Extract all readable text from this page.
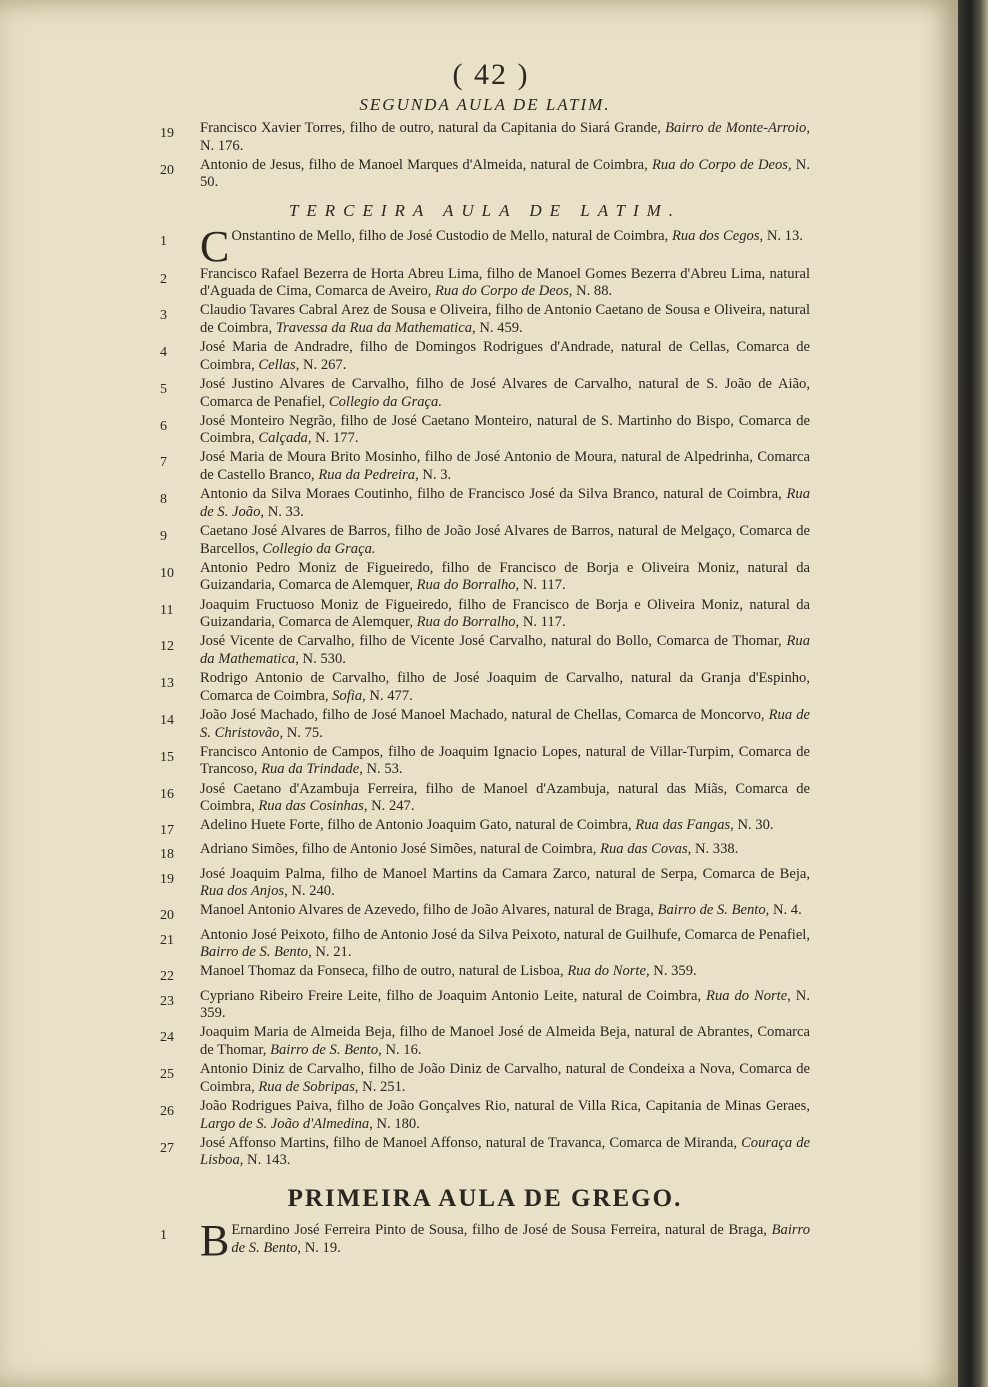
( 42 )
SEGUNDA AULA DE LATIM.
19	Francisco Xavier Torres, filho de outro, natural da Capitania do Siará Grande, Bairro de Monte-Arroio, N. 176.
20	Antonio de Jesus, filho de Manoel Marques d'Almeida, natural de Coimbra, Rua do Corpo de Deos, N. 50.
TERCEIRA AULA DE LATIM.
1 C Onstantino de Mello, filho de José Custodio de Mello, natural de Coimbra, Rua dos Cegos, N. 13.
2	Francisco Rafael Bezerra de Horta Abreu Lima, filho de Manoel Gomes Bezerra d'Abreu Lima, natural d'Aguada de Cima, Comarca de Aveiro, Rua do Corpo de Deos, N. 88.
3	Claudio Tavares Cabral Arez de Sousa e Oliveira, filho de Antonio Caetano de Sousa e Oliveira, natural de Coimbra, Travessa da Rua da Mathematica, N. 459.
4	José Maria de Andradre, filho de Domingos Rodrigues d'Andrade, natural de Cellas, Comarca de Coimbra, Cellas, N. 267.
5	José Justino Alvares de Carvalho, filho de José Alvares de Carvalho, natural de S. João de Aião, Comarca de Penafiel, Collegio da Graça.
6	José Monteiro Negrão, filho de José Caetano Monteiro, natural de S. Martinho do Bispo, Comarca de Coimbra, Calçada, N. 177.
7	José Maria de Moura Brito Mosinho, filho de José Antonio de Moura, natural de Alpedrinha, Comarca de Castello Branco, Rua da Pedreira, N. 3.
8	Antonio da Silva Moraes Coutinho, filho de Francisco José da Silva Branco, natural de Coimbra, Rua de S. João, N. 33.
9	Caetano José Alvares de Barros, filho de João José Alvares de Barros, natural de Melgaço, Comarca de Barcellos, Collegio da Graça.
10	Antonio Pedro Moniz de Figueiredo, filho de Francisco de Borja e Oliveira Moniz, natural da Guizandaria, Comarca de Alemquer, Rua do Borralho, N. 117.
11	Joaquim Fructuoso Moniz de Figueiredo, filho de Francisco de Borja e Oliveira Moniz, natural da Guizandaria, Comarca de Alemquer, Rua do Borralho, N. 117.
12	José Vicente de Carvalho, filho de Vicente José Carvalho, natural do Bollo, Comarca de Thomar, Rua da Mathematica, N. 530.
13	Rodrigo Antonio de Carvalho, filho de José Joaquim de Carvalho, natural da Granja d'Espinho, Comarca de Coimbra, Sofia, N. 477.
14	João José Machado, filho de José Manoel Machado, natural de Chellas, Comarca de Moncorvo, Rua de S. Christovão, N. 75.
15	Francisco Antonio de Campos, filho de Joaquim Ignacio Lopes, natural de Villar-Turpim, Comarca de Trancoso, Rua da Trindade, N. 53.
16	José Caetano d'Azambuja Ferreira, filho de Manoel d'Azambuja, natural das Miãs, Comarca de Coimbra, Rua das Cosinhas, N. 247.
17	Adelino Huete Forte, filho de Antonio Joaquim Gato, natural de Coimbra, Rua das Fangas, N. 30.
18	Adriano Simões, filho de Antonio José Simões, natural de Coimbra, Rua das Covas, N. 338.
19	José Joaquim Palma, filho de Manoel Martins da Camara Zarco, natural de Serpa, Comarca de Beja, Rua dos Anjos, N. 240.
20	Manoel Antonio Alvares de Azevedo, filho de João Alvares, natural de Braga, Bairro de S. Bento, N. 4.
21	Antonio José Peixoto, filho de Antonio José da Silva Peixoto, natural de Guilhufe, Comarca de Penafiel, Bairro de S. Bento, N. 21.
22	Manoel Thomaz da Fonseca, filho de outro, natural de Lisboa, Rua do Norte, N. 359.
23	Cypriano Ribeiro Freire Leite, filho de Joaquim Antonio Leite, natural de Coimbra, Rua do Norte, N. 359.
24	Joaquim Maria de Almeida Beja, filho de Manoel José de Almeida Beja, natural de Abrantes, Comarca de Thomar, Bairro de S. Bento, N. 16.
25	Antonio Diniz de Carvalho, filho de João Diniz de Carvalho, natural de Condeixa a Nova, Comarca de Coimbra, Rua de Sobripas, N. 251.
26	João Rodrigues Paiva, filho de João Gonçalves Rio, natural de Villa Rica, Capitania de Minas Geraes, Largo de S. João d'Almedina, N. 180.
27	José Affonso Martins, filho de Manoel Affonso, natural de Travanca, Comarca de Miranda, Couraça de Lisboa, N. 143.
PRIMEIRA AULA DE GREGO.
1 B Ernardino José Ferreira Pinto de Sousa, filho de José de Sousa Ferreira, natural de Braga, Bairro de S. Bento, N. 19.
